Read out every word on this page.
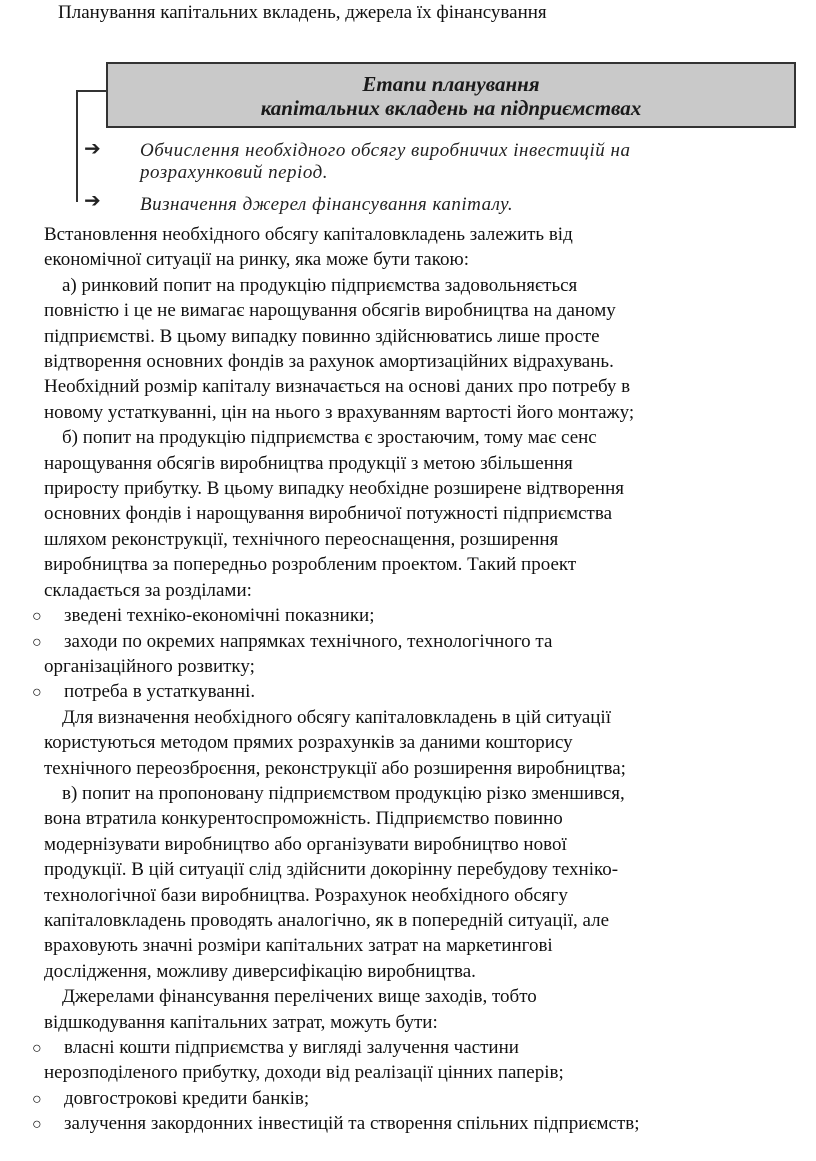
Планування капітальних вкладень, джерела їх фінансування
Етапи планування
капітальних вкладень на підприємствах
➔ Обчислення необхідного обсягу виробничих інвестицій на
розрахунковий період.
➔ Визначення джерел фінансування капіталу.

Встановлення необхідного обсягу капіталовкладень залежить від

економічної ситуації на ринку, яка може бути такою:

а) ринковий попит на продукцію підприємства задовольняється

повністю і це не вимагає нарощування обсягів виробництва на даному

підприємстві. В цьому випадку повинно здійснюватись лише просте

відтворення основних фондів за рахунок амортизаційних відрахувань.

Необхідний розмір капіталу визначається на основі даних про потребу в

новому устаткуванні, цін на нього з врахуванням вартості його монтажу;

б) попит на продукцію підприємства є зростаючим, тому має сенс

нарощування обсягів виробництва продукції з метою збільшення

приросту прибутку. В цьому випадку необхідне розширене відтворення

основних фондів і нарощування виробничої потужності підприємства

шляхом реконструкції, технічного переоснащення, розширення

виробництва за попередньо розробленим проектом. Такий проект

складається за розділами:

○ зведені техніко-економічні показники;

○ заходи по окремих напрямках технічного, технологічного та

організаційного розвитку;

○ потреба в устаткуванні.

Для визначення необхідного обсягу капіталовкладень в цій ситуації

користуються методом прямих розрахунків за даними кошторису

технічного переозброєння, реконструкції або розширення виробництва;

в) попит на пропоновану підприємством продукцію різко зменшився,

вона втратила конкурентоспроможність. Підприємство повинно

модернізувати виробництво або організувати виробництво нової

продукції. В цій ситуації слід здійснити докорінну перебудову техніко-

технологічної бази виробництва. Розрахунок необхідного обсягу

капіталовкладень проводять аналогічно, як в попередній ситуації, але

враховують значні розміри капітальних затрат на маркетингові

дослідження, можливу диверсифікацію виробництва.

Джерелами фінансування перелічених вище заходів, тобто

відшкодування капітальних затрат, можуть бути:

○ власні кошти підприємства у вигляді залучення частини

нерозподіленого прибутку, доходи від реалізації цінних паперів;

○ довгострокові кредити банків;

○ залучення закордонних інвестицій та створення спільних підприємств;
